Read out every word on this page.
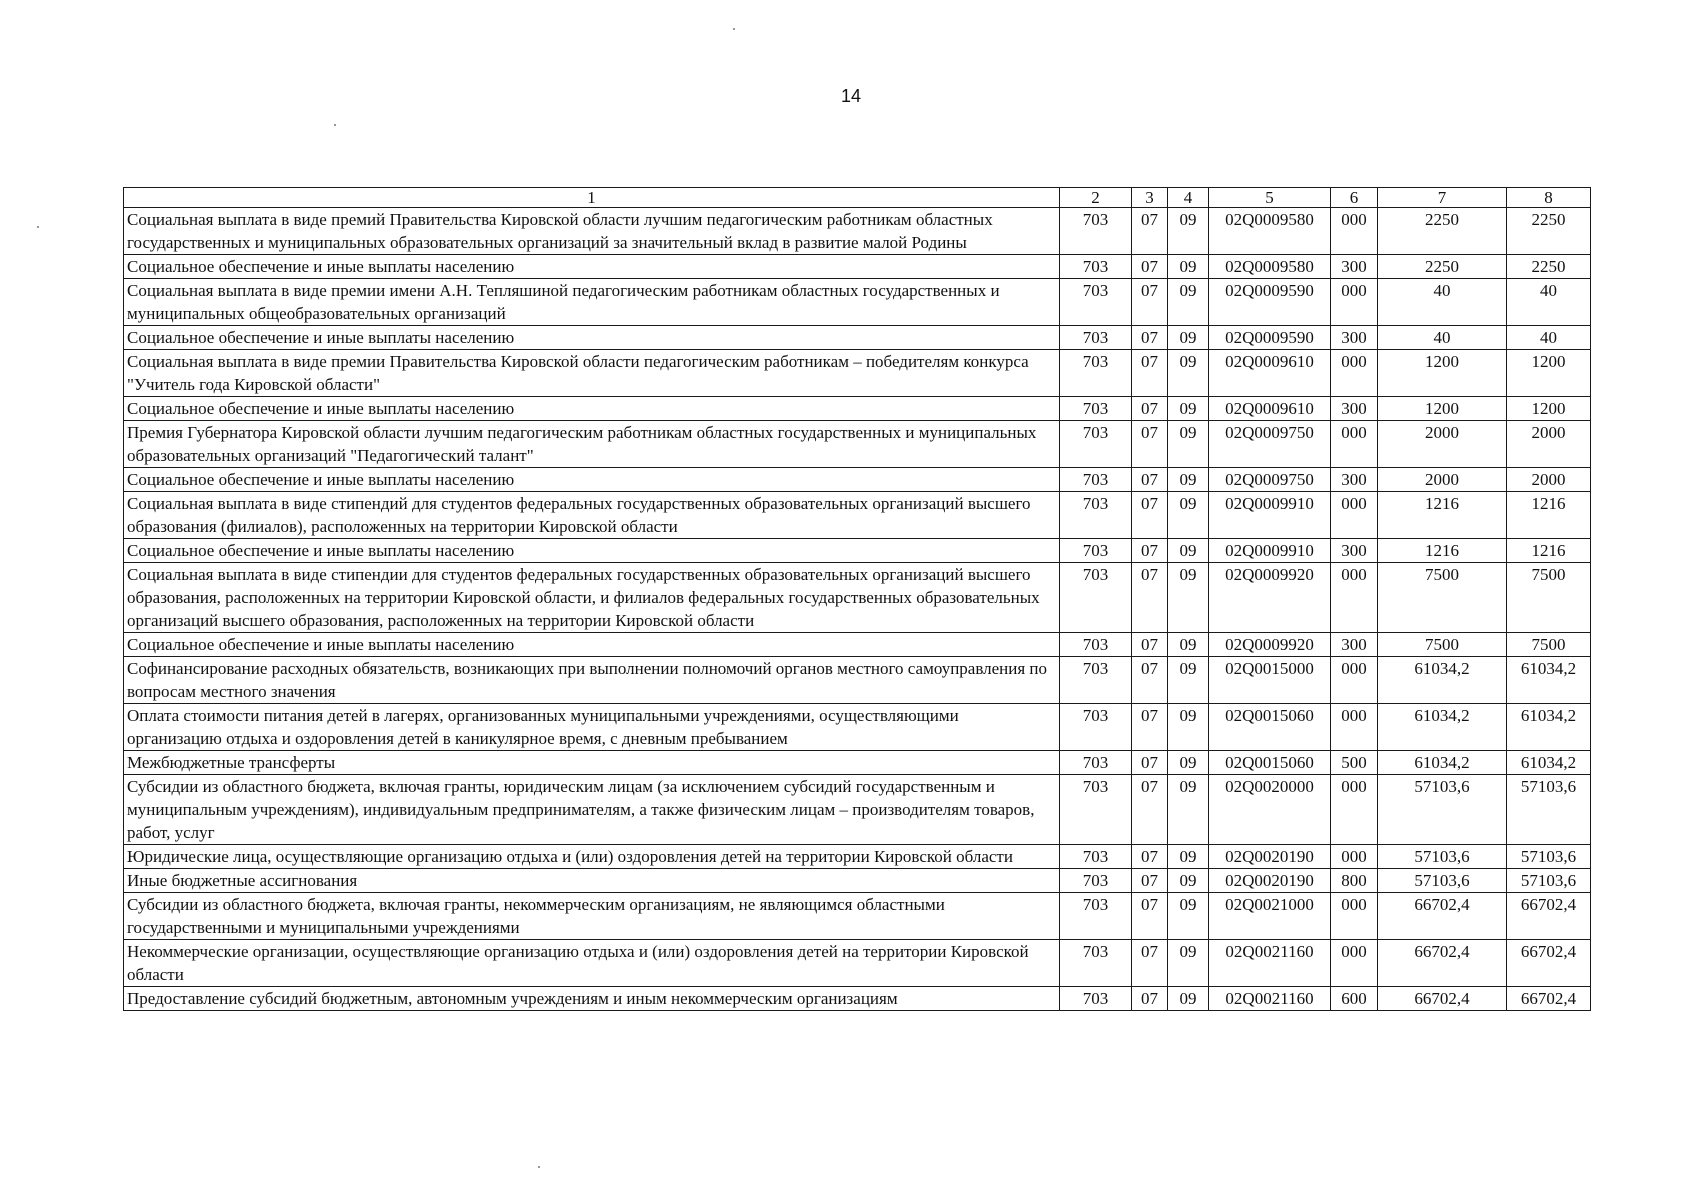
14
1	2	3	4	5	6	7	8
Социальная выплата в виде премий Правительства Кировской области лучшим педагогическим работникам областных государственных и муниципальных образовательных организаций за значительный вклад в развитие малой Родины	703	07	09	02Q0009580	000	2250	2250
Социальное обеспечение и иные выплаты населению	703	07	09	02Q0009580	300	2250	2250
Социальная выплата в виде премии имени А.Н. Тепляшиной педагогическим работникам областных государственных и муниципальных общеобразовательных организаций	703	07	09	02Q0009590	000	40	40
Социальное обеспечение и иные выплаты населению	703	07	09	02Q0009590	300	40	40
Социальная выплата в виде премии Правительства Кировской области педагогическим работникам – победителям конкурса "Учитель года Кировской области"	703	07	09	02Q0009610	000	1200	1200
Социальное обеспечение и иные выплаты населению	703	07	09	02Q0009610	300	1200	1200
Премия Губернатора Кировской области лучшим педагогическим работникам областных государственных и муниципальных образовательных организаций "Педагогический талант"	703	07	09	02Q0009750	000	2000	2000
Социальное обеспечение и иные выплаты населению	703	07	09	02Q0009750	300	2000	2000
Социальная выплата в виде стипендий для студентов федеральных государственных образовательных организаций высшего образования (филиалов), расположенных на территории Кировской области	703	07	09	02Q0009910	000	1216	1216
Социальное обеспечение и иные выплаты населению	703	07	09	02Q0009910	300	1216	1216
Социальная выплата в виде стипендии для студентов федеральных государственных образовательных организаций высшего образования, расположенных на территории Кировской области, и филиалов федеральных государственных образовательных организаций высшего образования, расположенных на территории Кировской области	703	07	09	02Q0009920	000	7500	7500
Социальное обеспечение и иные выплаты населению	703	07	09	02Q0009920	300	7500	7500
Софинансирование расходных обязательств, возникающих при выполнении полномочий органов местного самоуправления по вопросам местного значения	703	07	09	02Q0015000	000	61034,2	61034,2
Оплата стоимости питания детей в лагерях, организованных муниципальными учреждениями, осуществляющими организацию отдыха и оздоровления детей в каникулярное время, с дневным пребыванием	703	07	09	02Q0015060	000	61034,2	61034,2
Межбюджетные трансферты	703	07	09	02Q0015060	500	61034,2	61034,2
Субсидии из областного бюджета, включая гранты, юридическим лицам (за исключением субсидий государственным и муниципальным учреждениям), индивидуальным предпринимателям, а также физическим лицам – производителям товаров, работ, услуг	703	07	09	02Q0020000	000	57103,6	57103,6
Юридические лица, осуществляющие организацию отдыха и (или) оздоровления детей на территории Кировской области	703	07	09	02Q0020190	000	57103,6	57103,6
Иные бюджетные ассигнования	703	07	09	02Q0020190	800	57103,6	57103,6
Субсидии из областного бюджета, включая гранты, некоммерческим организациям, не являющимся областными государственными и муниципальными учреждениями	703	07	09	02Q0021000	000	66702,4	66702,4
Некоммерческие организации, осуществляющие организацию отдыха и (или) оздоровления детей на территории Кировской области	703	07	09	02Q0021160	000	66702,4	66702,4
Предоставление субсидий бюджетным, автономным учреждениям и иным некоммерческим организациям	703	07	09	02Q0021160	600	66702,4	66702,4
